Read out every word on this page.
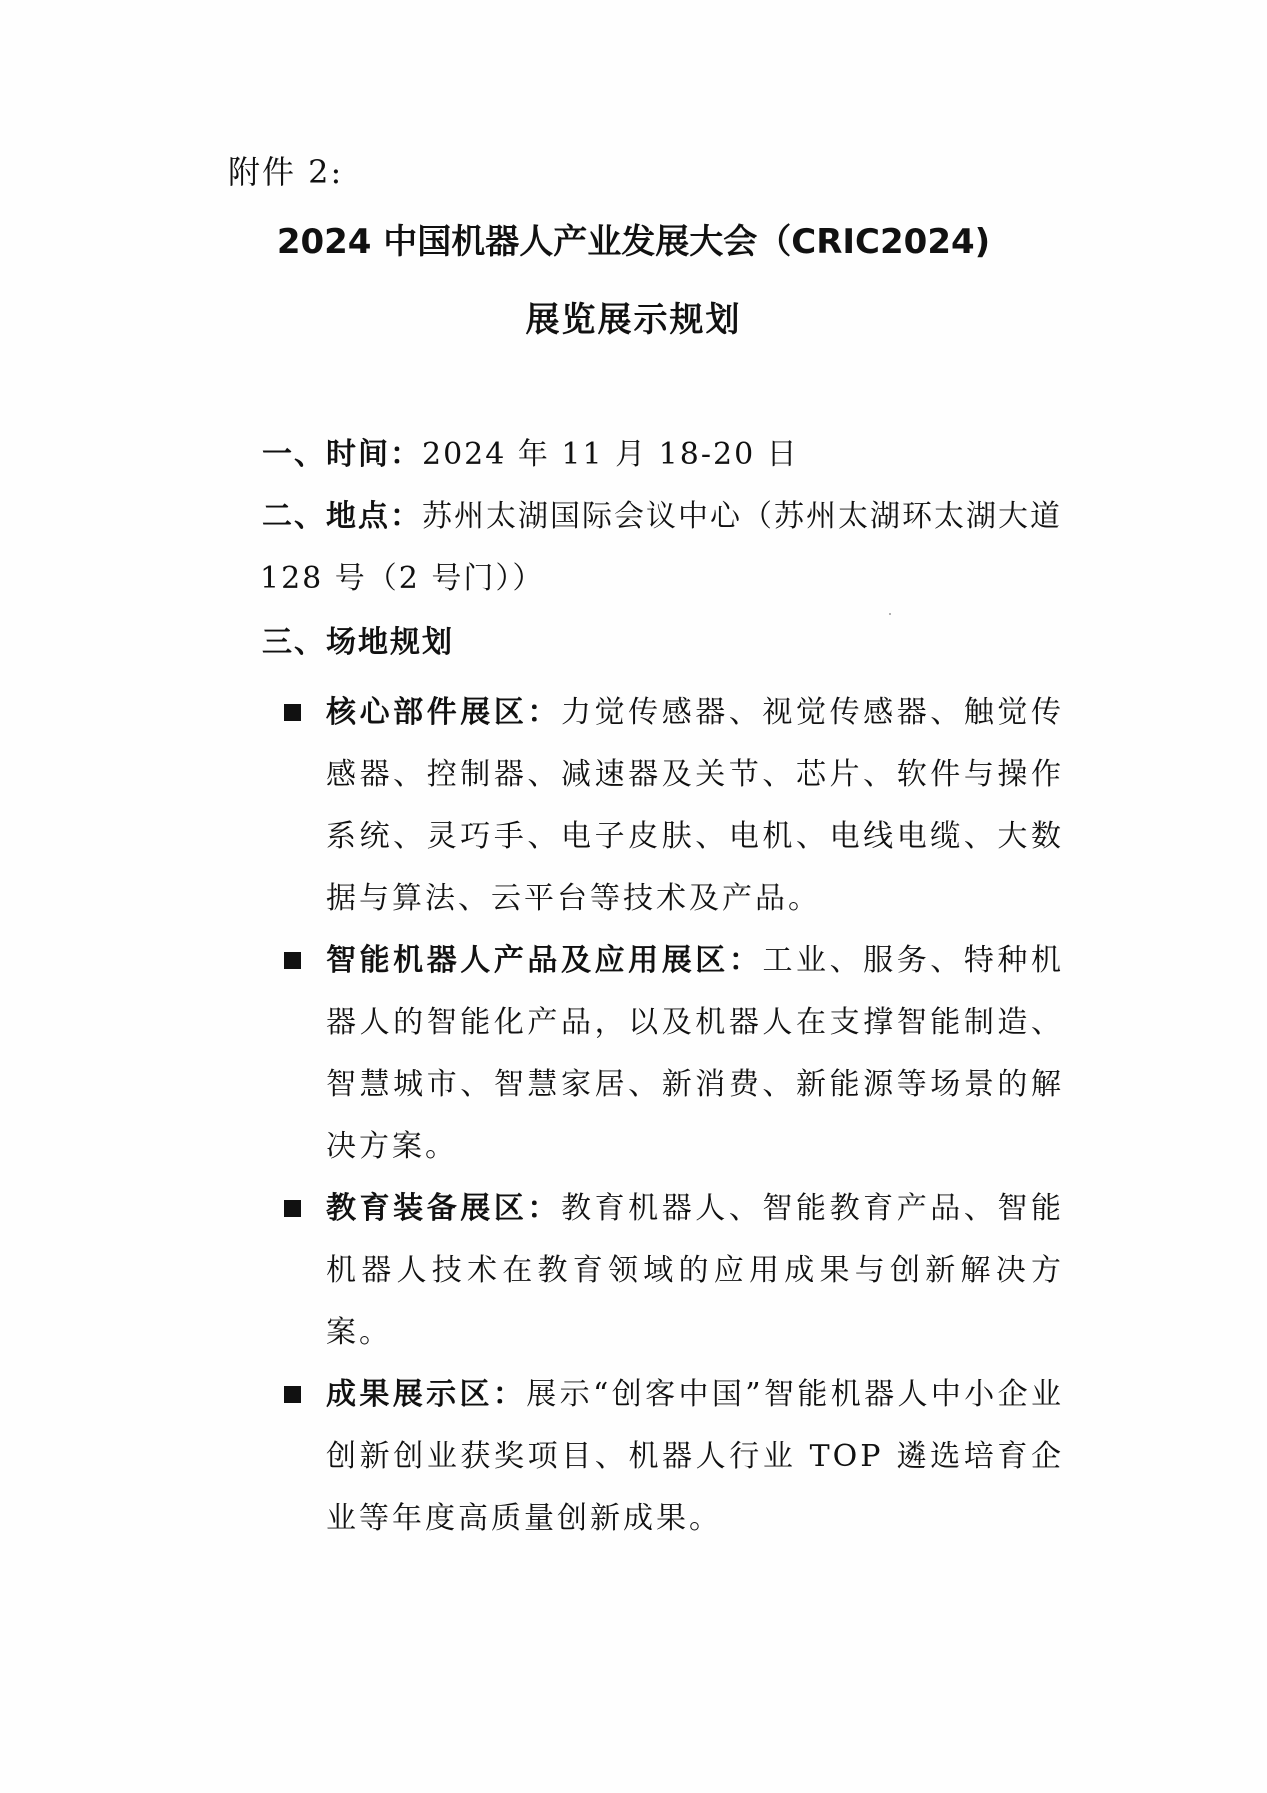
附件 2:
2024 中国机器人产业发展大会（CRIC2024)
展览展示规划
一、时间：2024 年 11 月 18-20 日
二、地点：苏州太湖国际会议中心（苏州太湖环太湖大道
128 号（2 号门））
三、场地规划
核心部件展区：力觉传感器、视觉传感器、触觉传感器、控制器、减速器及关节、芯片、软件与操作系统、灵巧手、电子皮肤、电机、电线电缆、大数据与算法、云平台等技术及产品。
智能机器人产品及应用展区：工业、服务、特种机器人的智能化产品，以及机器人在支撑智能制造、智慧城市、智慧家居、新消费、新能源等场景的解决方案。
教育装备展区：教育机器人、智能教育产品、智能机器人技术在教育领域的应用成果与创新解决方案。
成果展示区：展示“创客中国”智能机器人中小企业创新创业获奖项目、机器人行业 TOP 遴选培育企业等年度高质量创新成果。
